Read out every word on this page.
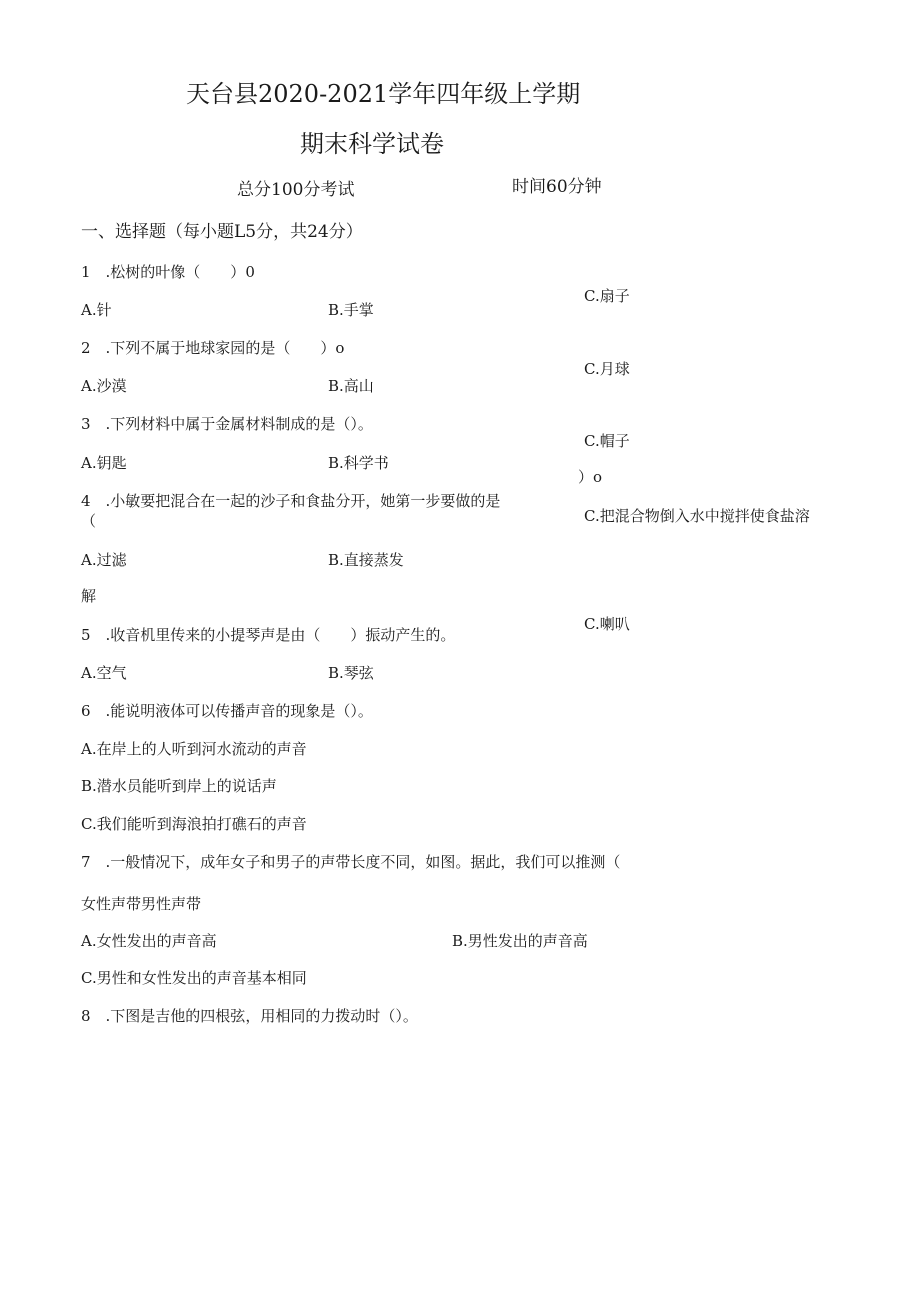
天台县2020-2021学年四年级上学期
期末科学试卷
总分100分考试	时间60分钟
一、选择题（每小题L5分，共24分）
1　.松树的叶像（　　）0
A.针	B.手掌
C.扇子
2　.下列不属于地球家园的是（　　）o
A.沙漠	B.高山
C.月球
3　.下列材料中属于金属材料制成的是（）。
A.钥匙	B.科学书
C.帽子
）o
4　.小敏要把混合在一起的沙子和食盐分开，她第一步要做的是
（	C.把混合物倒入水中搅拌使食盐溶
A.过滤	B.直接蒸发
解
C.喇叭
5　.收音机里传来的小提琴声是由（　　）振动产生的。
A.空气	B.琴弦
6　.能说明液体可以传播声音的现象是（）。
A.在岸上的人听到河水流动的声音
B.潜水员能听到岸上的说话声
C.我们能听到海浪拍打礁石的声音
7　.一般情况下，成年女子和男子的声带长度不同，如图。据此，我们可以推测（
女性声带男性声带
A.女性发出的声音高	B.男性发出的声音高
C.男性和女性发出的声音基本相同
8　.下图是吉他的四根弦，用相同的力拨动时（）。
